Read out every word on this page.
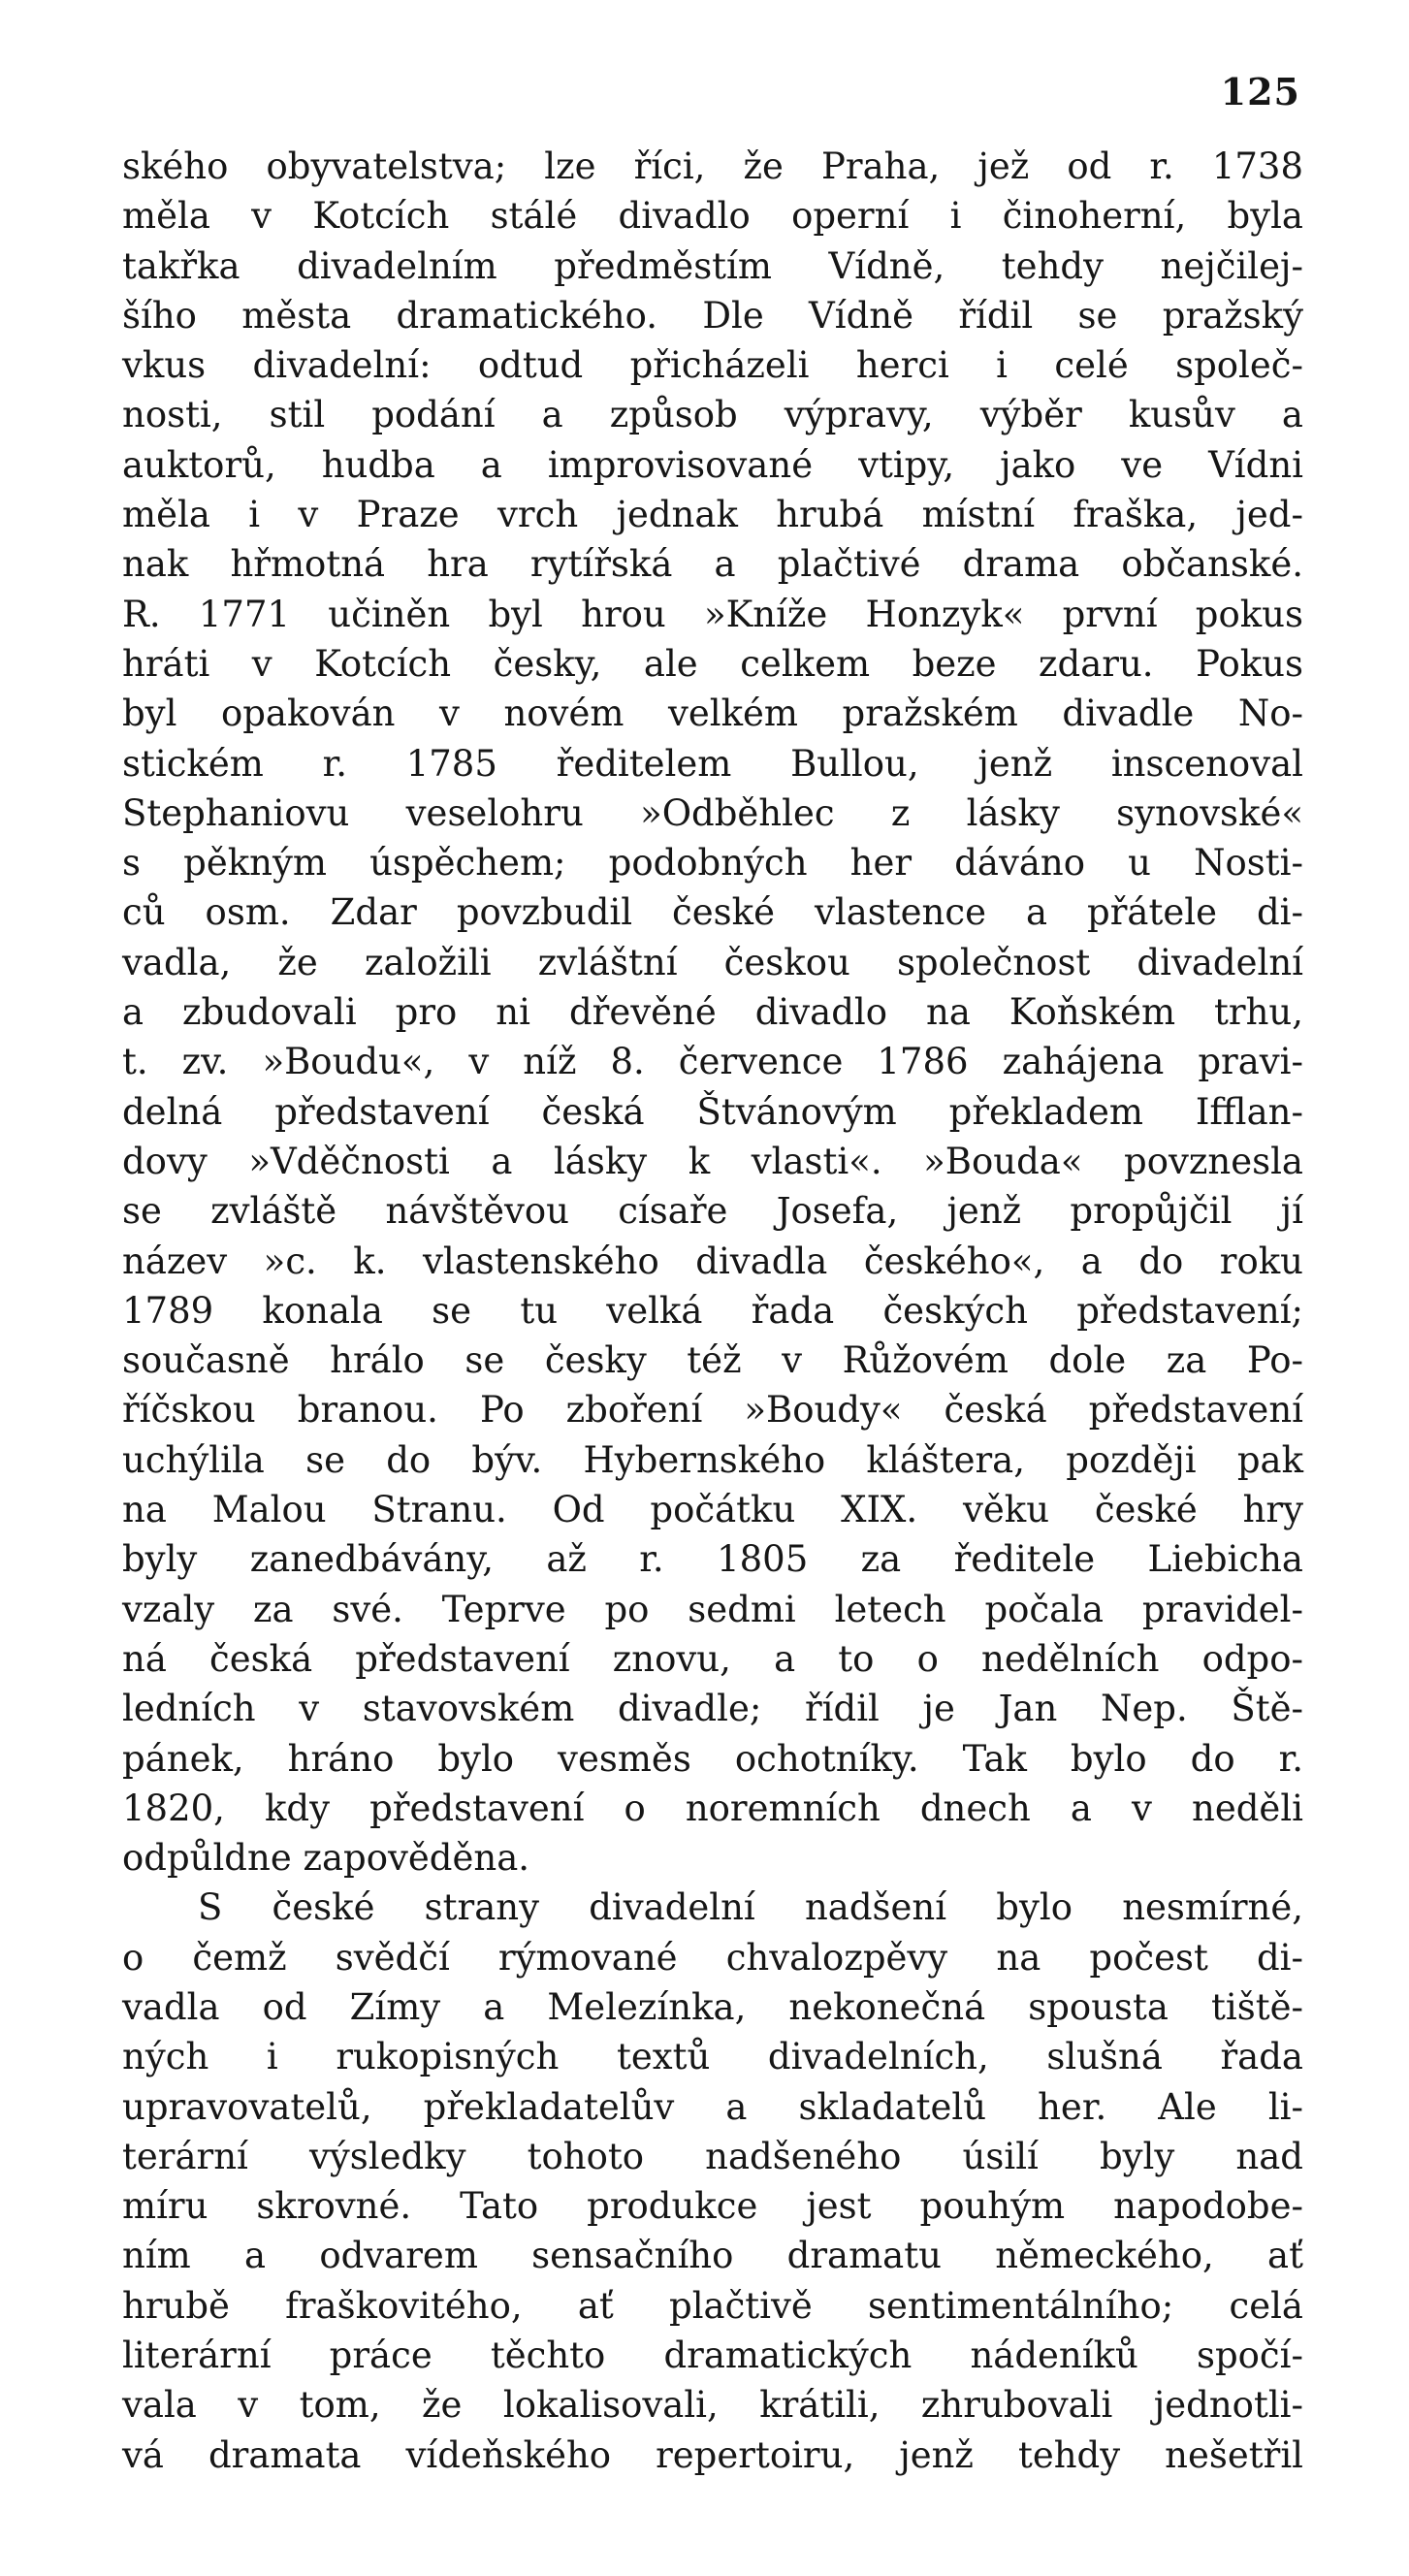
125
ského obyvatelstva; lze říci, že Praha, jež od r. 1738
měla v Kotcích stálé divadlo operní i činoherní, byla
takřka divadelním předměstím Vídně, tehdy nejčilej-
šího města dramatického. Dle Vídně řídil se pražský
vkus divadelní: odtud přicházeli herci i celé společ-
nosti, stil podání a způsob výpravy, výběr kusův a
auktorů, hudba a improvisované vtipy, jako ve Vídni
měla i v Praze vrch jednak hrubá místní fraška, jed-
nak hřmotná hra rytířská a plačtivé drama občanské.
R. 1771 učiněn byl hrou »Kníže Honzyk« první pokus
hráti v Kotcích česky, ale celkem beze zdaru. Pokus
byl opakován v novém velkém pražském divadle No-
stickém r. 1785 ředitelem Bullou, jenž inscenoval
Stephaniovu veselohru »Odběhlec z lásky synovské«
s pěkným úspěchem; podobných her dáváno u Nosti-
ců osm. Zdar povzbudil české vlastence a přátele di-
vadla, že založili zvláštní českou společnost divadelní
a zbudovali pro ni dřevěné divadlo na Koňském trhu,
t. zv. »Boudu«, v níž 8. července 1786 zahájena pravi-
delná představení česká Štvánovým překladem Ifflan-
dovy »Vděčnosti a lásky k vlasti«. »Bouda« povznesla
se zvláště návštěvou císaře Josefa, jenž propůjčil jí
název »c. k. vlastenského divadla českého«, a do roku
1789 konala se tu velká řada českých představení;
současně hrálo se česky též v Růžovém dole za Po-
říčskou branou. Po zboření »Boudy« česká představení
uchýlila se do býv. Hybernského kláštera, později pak
na Malou Stranu. Od počátku XIX. věku české hry
byly zanedbávány, až r. 1805 za ředitele Liebicha
vzaly za své. Teprve po sedmi letech počala pravidel-
ná česká představení znovu, a to o nedělních odpo-
ledních v stavovském divadle; řídil je Jan Nep. Ště-
pánek, hráno bylo vesměs ochotníky. Tak bylo do r.
1820, kdy představení o noremních dnech a v neděli
odpůldne zapověděna.
S české strany divadelní nadšení bylo nesmírné,
o čemž svědčí rýmované chvalozpěvy na počest di-
vadla od Zímy a Melezínka, nekonečná spousta tiště-
ných i rukopisných textů divadelních, slušná řada
upravovatelů, překladatelův a skladatelů her. Ale li-
terární výsledky tohoto nadšeného úsilí byly nad
míru skrovné. Tato produkce jest pouhým napodobe-
ním a odvarem sensačního dramatu německého, ať
hrubě fraškovitého, ať plačtivě sentimentálního; celá
literární práce těchto dramatických nádeníků spočí-
vala v tom, že lokalisovali, krátili, zhrubovali jednotli-
vá dramata vídeňského repertoiru, jenž tehdy nešetřil
